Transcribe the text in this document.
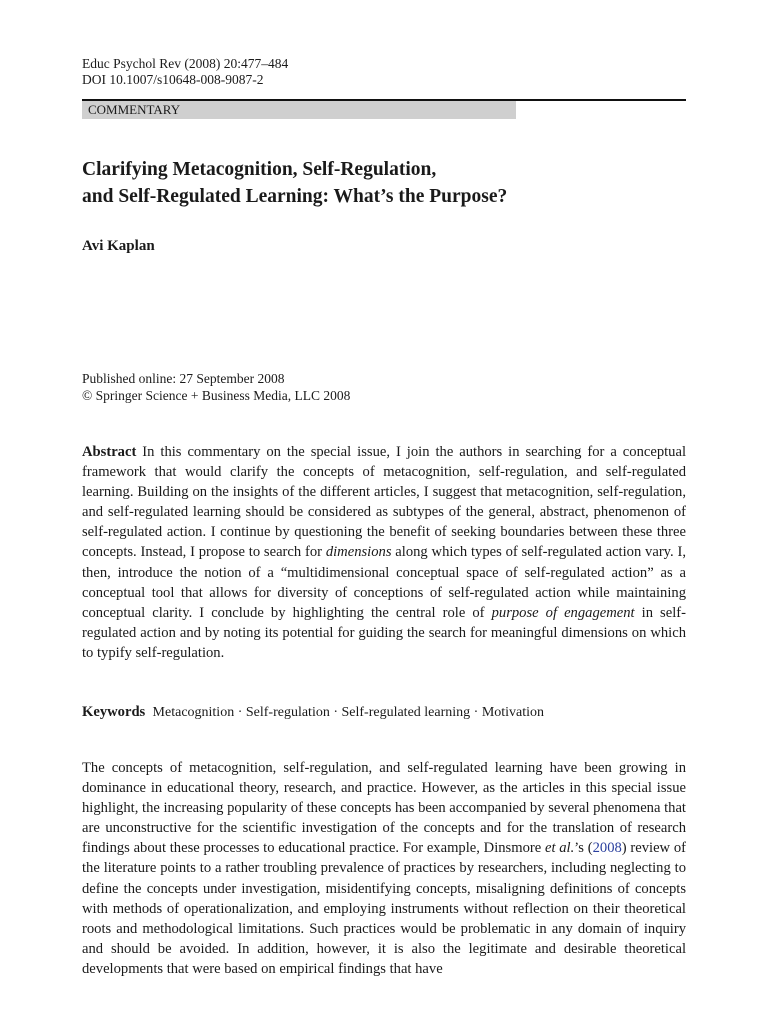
Educ Psychol Rev (2008) 20:477–484
DOI 10.1007/s10648-008-9087-2
COMMENTARY
Clarifying Metacognition, Self-Regulation,
and Self-Regulated Learning: What’s the Purpose?
Avi Kaplan
Published online: 27 September 2008
© Springer Science + Business Media, LLC 2008

Abstract In this commentary on the special issue, I join the authors in searching for a conceptual framework that would clarify the concepts of metacognition, self-regulation, and self-regulated learning. Building on the insights of the different articles, I suggest that metacognition, self-regulation, and self-regulated learning should be considered as subtypes of the general, abstract, phenomenon of self-regulated action. I continue by questioning the benefit of seeking boundaries between these three concepts. Instead, I propose to search for dimensions along which types of self-regulated action vary. I, then, introduce the notion of a “multidimensional conceptual space of self-regulated action” as a conceptual tool that allows for diversity of conceptions of self-regulated action while maintaining conceptual clarity. I conclude by highlighting the central role of purpose of engagement in self-regulated action and by noting its potential for guiding the search for meaningful dimensions on which to typify self-regulation.

Keywords Metacognition · Self-regulation · Self-regulated learning · Motivation

The concepts of metacognition, self-regulation, and self-regulated learning have been growing in dominance in educational theory, research, and practice. However, as the articles in this special issue highlight, the increasing popularity of these concepts has been accompanied by several phenomena that are unconstructive for the scientific investigation of the concepts and for the translation of research findings about these processes to educational practice. For example, Dinsmore et al.’s (2008) review of the literature points to a rather troubling prevalence of practices by researchers, including neglecting to define the concepts under investigation, misidentifying concepts, misaligning definitions of concepts with methods of operationalization, and employing instruments without reflection on their theoretical roots and methodological limitations. Such practices would be problematic in any domain of inquiry and should be avoided. In addition, however, it is also the legitimate and desirable theoretical developments that were based on empirical findings that have
